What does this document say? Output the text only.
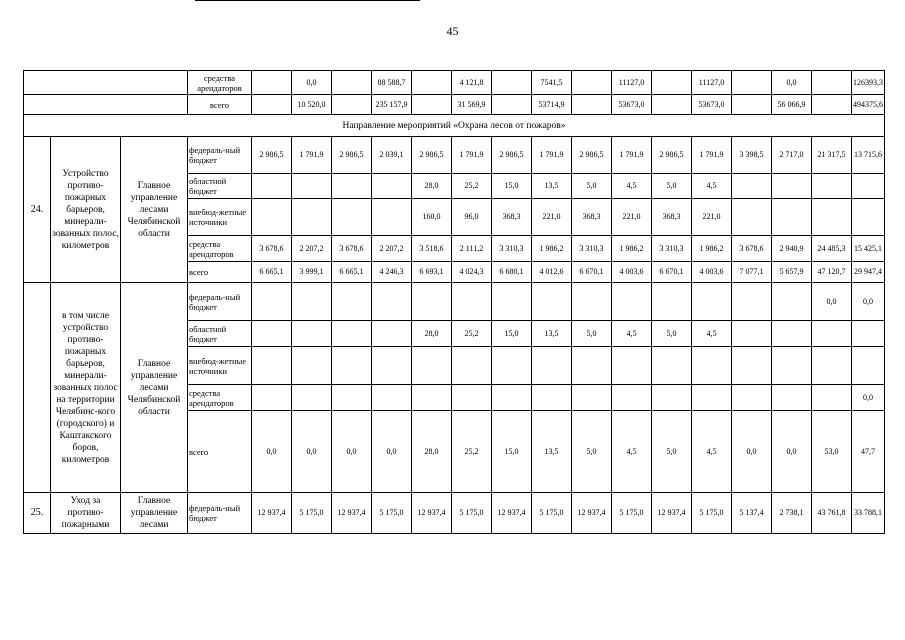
45
			средства арендаторов		0,0		88 588,7		4 121,8		7541,5		11127,0		11127,0		0,0		126393,3
			всего		10 520,0		235 157,9		31 569,9		53714,9		53673,0		53673,0		56 066,9		494375,6
Направление мероприятий «Охрана лесов от пожаров»																			
24.	Устройство противо-пожарных барьеров, минерали-зованных полос, километров	Главное управление лесами Челябинской области	федераль-ный бюджет	2 986,5	1 791,9	2 986,5	2 039,1	2 986,5	1 791,9	2 986,5	1 791,9	2 986,5	1 791,9	2 986,5	1 791,9	3 398,5	2 717,0	21 317,5	13 715,6
			областной бюджет					28,0	25,2	15,0	13,5	5,0	4,5	5,0	4,5				
			внебюд-жетные источники					160,0	96,0	368,3	221,0	368,3	221,0	368,3	221,0				
			средства арендаторов	3 678,6	2 207,2	3 678,6	2 207,2	3 518,6	2 111,2	3 310,3	1 986,2	3 310,3	1 986,2	3 310,3	1 986,2	3 678,6	2 940,9	24 485,3	15 425,1
			всего	6 665,1	3 999,1	6 665,1	4 246,3	6 693,1	4 024,3	6 680,1	4 012,6	6 670,1	4 003,6	6 670,1	4 003,6	7 077,1	5 657,9	47 120,7	29 947,4
	в том числе устройство противо-пожарных барьеров, минерали-зованных полос на территории Челябинс-кого (городского) и Каштакского боров, километров	Главное управление лесами Челябинской области	федераль-ный бюджет															0,0	0,0
			областной бюджет					28,0	25,2	15,0	13,5	5,0	4,5	5,0	4,5				
			внебюд-жетные источники																
			средства арендаторов																0,0
			всего	0,0	0,0	0,0	0,0	28,0	25,2	15,0	13,5	5,0	4,5	5,0	4,5	0,0	0,0	53,0	47,7
25.	Уход за противо-пожарными	Главное управление лесами	федераль-ный бюджет	12 937,4	5 175,0	12 937,4	5 175,0	12 937,4	5 175,0	12 937,4	5 175,0	12 937,4	5 175,0	12 937,4	5 175,0	5 137,4	2 738,1	43 761,8	33 788,1
